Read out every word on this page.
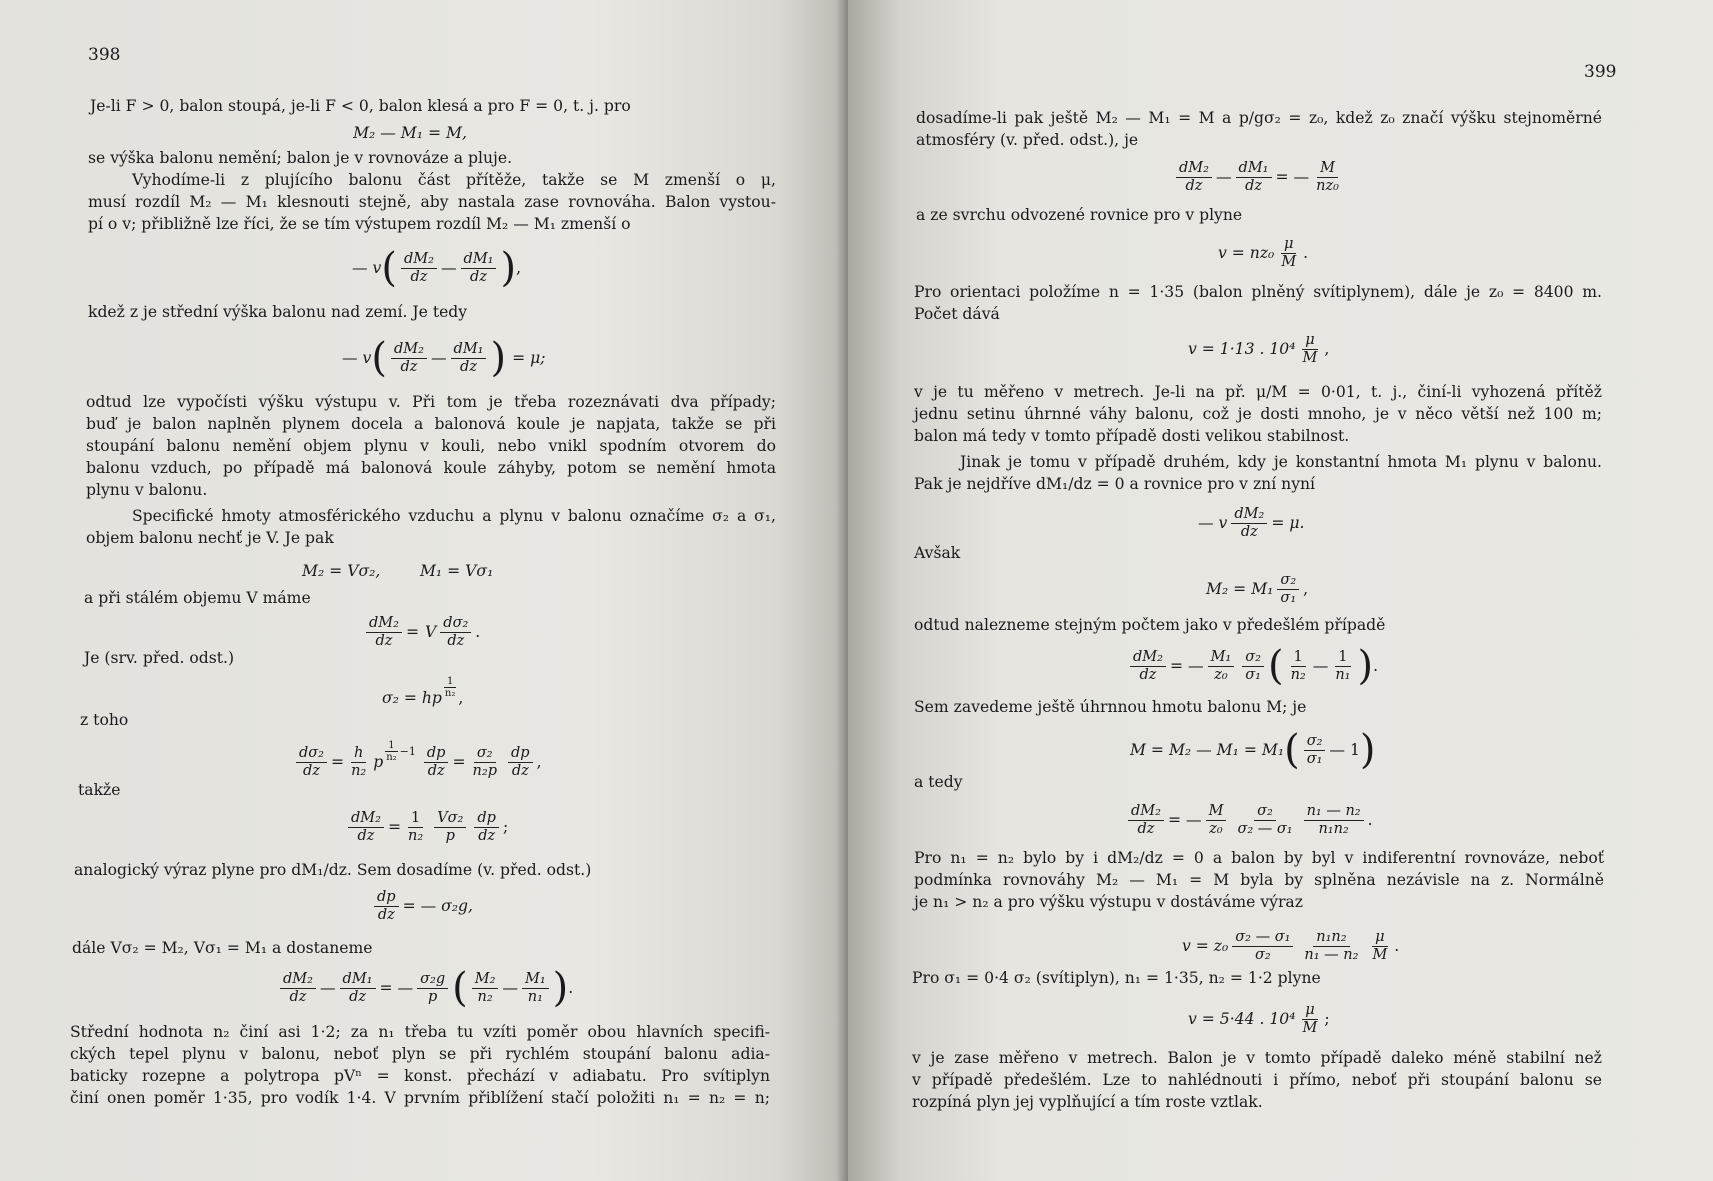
398
Je-li F > 0, balon stoupá, je-li F < 0, balon klesá a pro F = 0, t. j. pro
M₂ — M₁ = M,
se výška balonu nemění; balon je v rovnováze a pluje.
Vyhodíme-li z plujícího balonu část přítěže, takže se M zmenší o μ,
musí rozdíl M₂ — M₁ klesnouti stejně, aby nastala zase rovnováha. Balon vystou-
pí o v; přibližně lze říci, že se tím výstupem rozdíl M₂ — M₁ zmenší o
— v ( dM₂
dz —
dM₁
dz ) ,
kdež z je střední výška balonu nad zemí. Je tedy
— v ( dM₂
dz —
dM₁
dz ) = μ;
odtud lze vypočísti výšku výstupu v. Při tom je třeba rozeznávati dva případy;
buď je balon naplněn plynem docela a balonová koule je napjata, takže se při
stoupání balonu nemění objem plynu v kouli, nebo vnikl spodním otvorem do
balonu vzduch, po případě má balonová koule záhyby, potom se nemění hmota
plynu v balonu.
Specifické hmoty atmosférického vzduchu a plynu v balonu označíme σ₂ a σ₁,
objem balonu nechť je V. Je pak
M₂ = Vσ₂,        M₁ = Vσ₁
a při stálém objemu V máme
$\frac{\text{dM₂}}{dz} = V$
dσ₂
dz .
Je (srv. před. odst.)
σ₂ = hp
1
n₂ ,
z toho
$\frac{\text{dσ₂}}{dz} = \frac{h}{\text{n₂}}$ p
1
$n_2 -1 \frac{dp}{dz} = \frac{\text{σ₂}}{\text{n₂p}}$ dp
dz ,
takže
$\frac{\text{dM₂}}{dz} = \frac{1}{\text{n₂}} V\sigma_2$
p
dp
dz ;
analogický výraz plyne pro dM₁/dz. Sem dosadíme (v. před. odst.)
$\frac{dp}{dz}$ = — σ₂g,
dále Vσ₂ = M₂, Vσ₁ = M₁ a dostaneme
dM₂
dz — $\frac{\text{dM₁}}{dz}$ = —
σ₂g
p ( M₂
n₂ —
M₁
n₁ ) .
Střední hodnota n₂ činí asi 1·2; za n₁ třeba tu vzíti poměr obou hlavních specifi-
ckých tepel plynu v balonu, neboť plyn se při rychlém stoupání balonu adia-
baticky rozepne a polytropa pVⁿ = konst. přechází v adiabatu. Pro svítiplyn
činí onen poměr 1·35, pro vodík 1·4. V prvním přiblížení stačí položiti n₁ = n₂ = n;
399
dosadíme-li pak ještě M₂ — M₁ = M a p/gσ₂ = z₀, kdež z₀ značí výšku stejnoměrné
atmosféry (v. před. odst.), je
dM₂
dz — $\frac{\text{dM₁}}{dz}$ = —
M
nz₀
a ze svrchu odvozené rovnice pro v plyne
v = nz₀
μ
M .
Pro orientaci položíme n = 1·35 (balon plněný svítiplynem), dále je z₀ = 8400 m.
Počet dává
v = 1·13 . 10⁴
μ
M ,
v je tu měřeno v metrech. Je-li na př. μ/M = 0·01, t. j., činí-li vyhozená přítěž
jednu setinu úhrnné váhy balonu, což je dosti mnoho, je v něco větší než 100 m;
balon má tedy v tomto případě dosti velikou stabilnost.
Jinak je tomu v případě druhém, kdy je konstantní hmota M₁ plynu v balonu.
Pak je nejdříve dM₁/dz = 0 a rovnice pro v zní nyní
— v $\frac{\text{dM₂}}{dz} = \mu$.
Avšak
M₂ = M₁
σ₂
σ₁ ,
odtud nalezneme stejným počtem jako v předešlém případě
$\frac{\text{dM₂}}{dz}$ = —
M₁
z₀
σ₂
σ₁ ( 1
n₂ —
1
n₁ ) .
Sem zavedeme ještě úhrnnou hmotu balonu M; je
M = M₂ — M₁ = M₁ ( σ₂
σ₁ — 1 )
a tedy
$\frac{\text{dM₂}}{dz}$ = —
M
z₀
σ₂
σ₂ — σ₁
n₁ — n₂
n₁n₂ .
Pro n₁ = n₂ bylo by i dM₂/dz = 0 a balon by byl v indiferentní rovnováze, neboť
podmínka rovnováhy M₂ — M₁ = M byla by splněna nezávisle na z. Normálně
je n₁ > n₂ a pro výšku výstupu v dostáváme výraz
v = z₀
σ₂ — σ₁
σ₂
n₁n₂
n₁ — n₂
μ
M .
Pro σ₁ = 0·4 σ₂ (svítiplyn), n₁ = 1·35, n₂ = 1·2 plyne
v = 5·44 . 10⁴
μ
M ;
v je zase měřeno v metrech. Balon je v tomto případě daleko méně stabilní než
v případě předešlém. Lze to nahlédnouti i přímo, neboť při stoupání balonu se
rozpíná plyn jej vyplňující a tím roste vztlak.
